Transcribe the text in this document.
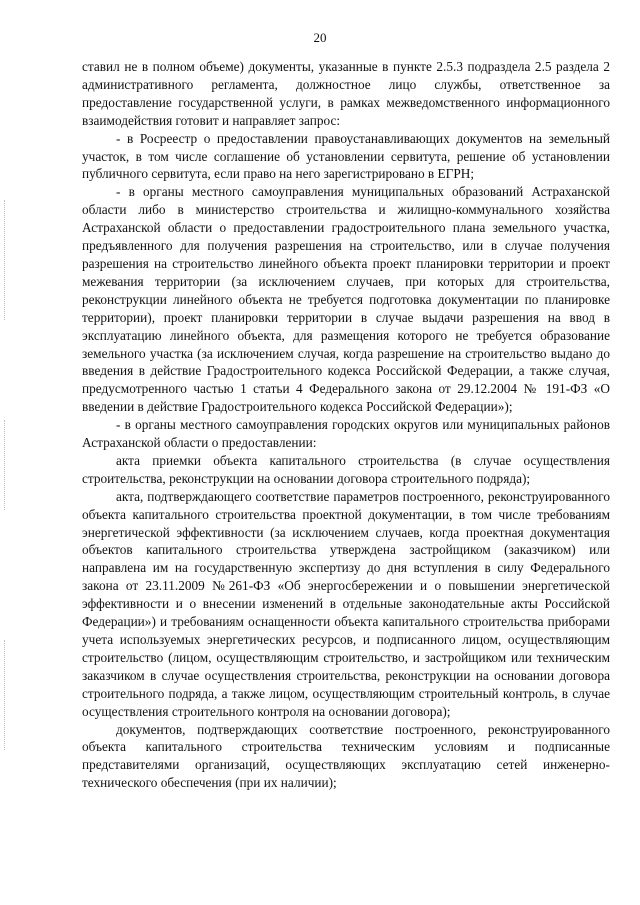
20

ставил не в полном объеме) документы, указанные в пункте 2.5.3 подраздела 2.5 раздела 2 административного регламента, должностное лицо службы, ответственное за предоставление государственной услуги, в рамках межведомственного информационного взаимодействия готовит и направляет запрос:

- в Росреестр о предоставлении правоустанавливающих документов на земельный участок, в том числе соглашение об установлении сервитута, решение об установлении публичного сервитута, если право на него зарегистрировано в ЕГРН;

- в органы местного самоуправления муниципальных образований Астраханской области либо в министерство строительства и жилищно-коммунального хозяйства Астраханской области о предоставлении градостроительного плана земельного участка, предъявленного для получения разрешения на строительство, или в случае получения разрешения на строительство линейного объекта проект планировки территории и проект межевания территории (за исключением случаев, при которых для строительства, реконструкции линейного объекта не требуется подготовка документации по планировке территории), проект планировки территории в случае выдачи разрешения на ввод в эксплуатацию линейного объекта, для размещения которого не требуется образование земельного участка (за исключением случая, когда разрешение на строительство выдано до введения в действие Градостроительного кодекса Российской Федерации, а также случая, предусмотренного частью 1 статьи 4 Федерального закона от 29.12.2004 № 191-ФЗ «О введении в действие Градостроительного кодекса Российской Федерации»);

- в органы местного самоуправления городских округов или муниципальных районов Астраханской области о предоставлении:

акта приемки объекта капитального строительства (в случае осуществления строительства, реконструкции на основании договора строительного подряда);

акта, подтверждающего соответствие параметров построенного, реконструированного объекта капитального строительства проектной документации, в том числе требованиям энергетической эффективности (за исключением случаев, когда проектная документация объектов капитального строительства утверждена застройщиком (заказчиком) или направлена им на государственную экспертизу до дня вступления в силу Федерального закона от 23.11.2009 №261-ФЗ «Об энергосбережении и о повышении энергетической эффективности и о внесении изменений в отдельные законодательные акты Российской Федерации») и требованиям оснащенности объекта капитального строительства приборами учета используемых энергетических ресурсов, и подписанного лицом, осуществляющим строительство (лицом, осуществляющим строительство, и застройщиком или техническим заказчиком в случае осуществления строительства, реконструкции на основании договора строительного подряда, а также лицом, осуществляющим строительный контроль, в случае осуществления строительного контроля на основании договора);

документов, подтверждающих соответствие построенного, реконструированного объекта капитального строительства техническим условиям и подписанные представителями организаций, осуществляющих эксплуатацию сетей инженерно-технического обеспечения (при их наличии);
